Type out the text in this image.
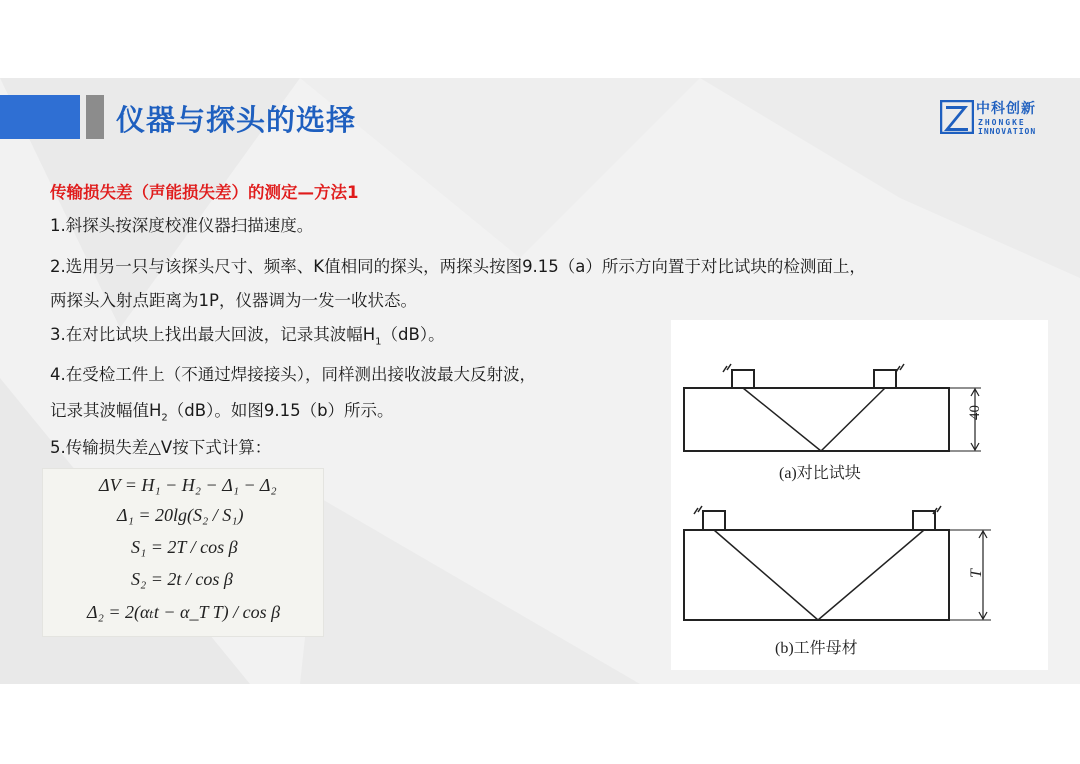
仪器与探头的选择	中科创新
ZHONGKE
INNOVATION
传输损失差（声能损失差）的测定—方法1
1.斜探头按深度校准仪器扫描速度。
2.选用另一只与该探头尺寸、频率、K值相同的探头，两探头按图9.15（a）所示方向置于对比试块的检测面上，
两探头入射点距离为1P，仪器调为一发一收状态。
3.在对比试块上找出最大回波，记录其波幅$H_1(dB)$。
4.在受检工件上（不通过焊接接头），同样测出接收波最大反射波，
记录其波幅值$H_2(dB)$。如图9.15（b）所示。
5.传输损失差△V按下式计算：
ΔV = H₁ − H₂ − Δ₁ − Δ₂
Δ₁ = 20lg(S₂ / S₁)
S₁ = 2T / cos β
S₂ = 2t / cos β
Δ₂ = 2(αₜt − α_T T) / cos β
40
T
(a)对比试块
(b)工件母材
